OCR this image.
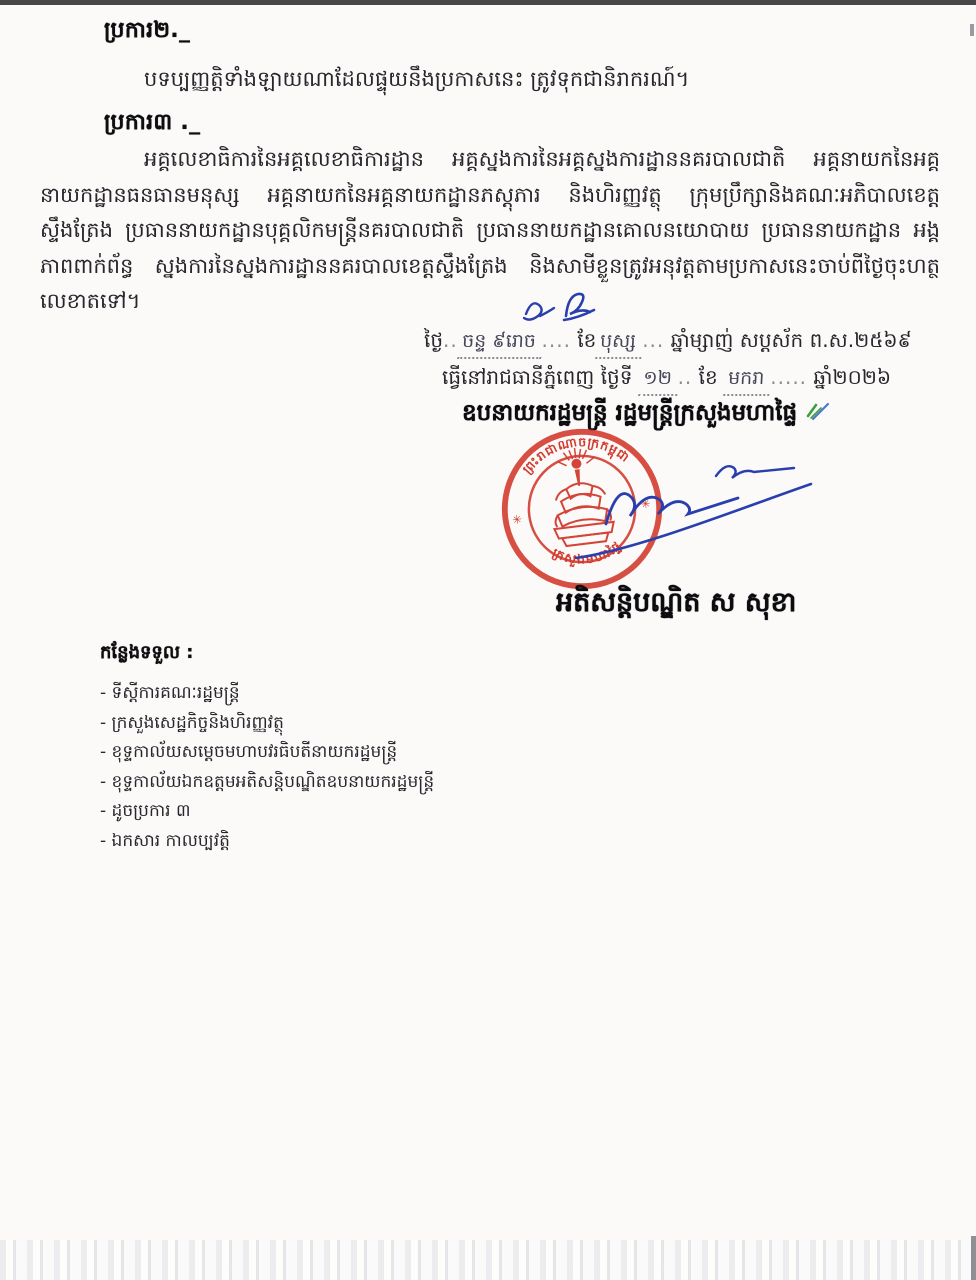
ប្រការ២._
បទប្បញ្ញត្តិទាំងឡាយណាដែលផ្ទុយនឹងប្រកាសនេះ ត្រូវទុកជានិរាករណ៍។
ប្រការ៣ ._
អគ្គលេខាធិការនៃអគ្គលេខាធិការដ្ឋាន អគ្គស្នងការនៃអគ្គស្នងការដ្ឋាននគរបាលជាតិ អគ្គនាយកនៃអគ្គនាយកដ្ឋានធនធានមនុស្ស អគ្គនាយកនៃអគ្គនាយកដ្ឋានភស្តុភារ និងហិរញ្ញវត្ថុ ក្រុមប្រឹក្សានិងគណៈអភិបាលខេត្តស្ទឹងត្រែង ប្រធាននាយកដ្ឋានបុគ្គលិកមន្ត្រីនគរបាលជាតិ ប្រធាននាយកដ្ឋានគោលនយោបាយ ប្រធាននាយកដ្ឋាន អង្គភាពពាក់ព័ន្ធ ស្នងការនៃស្នងការដ្ឋាននគរបាលខេត្តស្ទឹងត្រែង និងសាមីខ្លួនត្រូវអនុវត្តតាមប្រកាសនេះចាប់ពីថ្ងៃចុះហត្ថលេខាតទៅ។
ថ្ងៃ.. ចន្ទ ៩រោច .... ខែ បុស្ស ... ឆ្នាំម្សាញ់ សប្តស័ក ព.ស.២៥៦៩
ធ្វើនៅរាជធានីភ្នំពេញ ថ្ងៃទី ១២ .. ខែ មករា ..... ឆ្នាំ២០២៦
ឧបនាយករដ្ឋមន្ត្រី រដ្ឋមន្ត្រីក្រសួងមហាផ្ទៃ
ព្រះរាជាណាចក្រកម្ពុជា
ក្រសួងមហាផ្ទៃ
✳
✳
អតិសន្តិបណ្ឌិត ស សុខា
កន្លែងទទួល :
- ទីស្តីការគណៈរដ្ឋមន្ត្រី
- ក្រសួងសេដ្ឋកិច្ចនិងហិរញ្ញវត្ថុ
- ខុទ្ទកាល័យសម្តេចមហាបវរធិបតីនាយករដ្ឋមន្ត្រី
- ខុទ្ទកាល័យឯកឧត្តមអតិសន្តិបណ្ឌិតឧបនាយករដ្ឋមន្ត្រី
- ដូចប្រការ ៣
- ឯកសារ កាលប្បវត្តិ
